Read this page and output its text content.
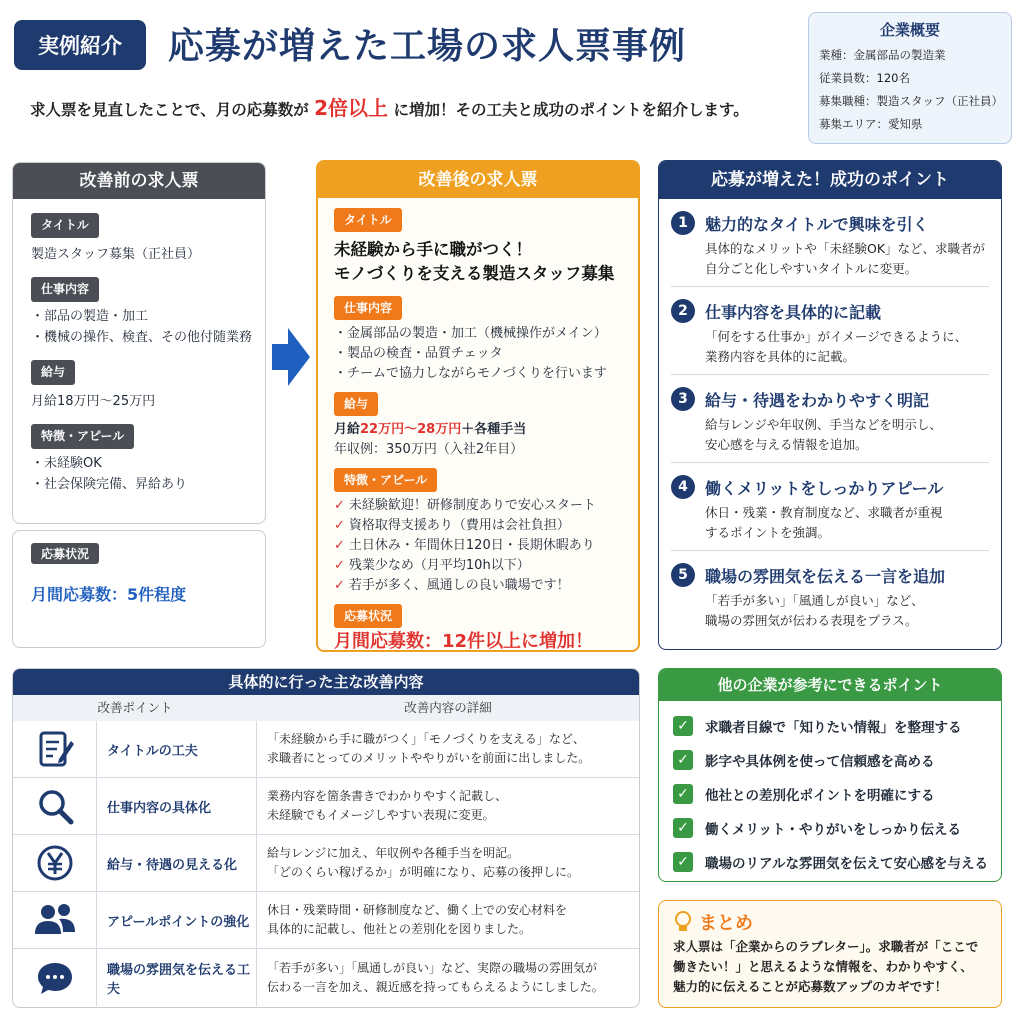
実例紹介	応募が増えた工場の求人票事例
求人票を見直したことで、月の応募数が 2倍以上 に増加！その工夫と成功のポイントを紹介します。
企業概要
業種：金属部品の製造業
従業員数：120名
募集職種：製造スタッフ（正社員）
募集エリア：愛知県
改善前の求人票
タイトル
製造スタッフ募集（正社員）
仕事内容
・部品の製造・加工
・機械の操作、検査、その他付随業務
給与
月給18万円〜25万円
特徴・アピール
・未経験OK
・社会保険完備、昇給あり
応募状況
月間応募数：5件程度
改善後の求人票
タイトル
未経験から手に職がつく！
モノづくりを支える製造スタッフ募集
仕事内容
・金属部品の製造・加工（機械操作がメイン）
・製品の検査・品質チェッタ
・チームで協力しながらモノづくりを行います
給与
月給22万円〜28万円＋各種手当
年収例：350万円（入社2年目）
特徴・アピール
✓ 未経験歓迎！研修制度ありで安心スタート
✓ 資格取得支援あり（費用は会社負担）
✓ 土日休み・年間休日120日・長期休暇あり
✓ 残業少なめ（月平均10h以下）
✓ 若手が多く、風通しの良い職場です！
応募状況
月間応募数：12件以上に増加！
応募が増えた！成功のポイント
1	魅力的なタイトルで興味を引く
具体的なメリットや「未経験OK」など、求職者が
自分ごと化しやすいタイトルに変更。
2	仕事内容を具体的に記載
「何をする仕事か」がイメージできるように、
業務内容を具体的に記載。
3	給与・待遇をわかりやすく明記
給与レンジや年収例、手当などを明示し、
安心感を与える情報を追加。
4	働くメリットをしっかりアピール
休日・残業・教育制度など、求職者が重視
するポイントを強調。
5	職場の雰囲気を伝える一言を追加
「若手が多い」「風通しが良い」など、
職場の雰囲気が伝わる表現をプラス。
具体的に行った主な改善内容
改善ポイント	改善内容の詳細
タイトルの工夫
「未経験から手に職がつく」「モノづくりを支える」など、
求職者にとってのメリットややりがいを前面に出しました。
仕事内容の具体化
業務内容を箇条書きでわかりやすく記載し、
未経験でもイメージしやすい表現に変更。
給与・待遇の見える化
給与レンジに加え、年収例や各種手当を明記。
「どのくらい稼げるか」が明確になり、応募の後押しに。
アピールポイントの強化
休日・残業時間・研修制度など、働く上での安心材料を
具体的に記載し、他社との差別化を図りました。
職場の雰囲気を伝える工夫
「若手が多い」「風通しが良い」など、実際の職場の雰囲気が
伝わる一言を加え、親近感を持ってもらえるようにしました。
他の企業が参考にできるポイント
✓	求職者目線で「知りたい情報」を整理する
✓	影字や具体例を使って信頼感を高める
✓	他社との差別化ポイントを明確にする
✓	働くメリット・やりがいをしっかり伝える
✓	職場のリアルな雰囲気を伝えて安心感を与える
まとめ
求人票は「企業からのラブレター」。求職者が「ここで
働きたい！」と思えるような情報を、わかりやすく、
魅力的に伝えることが応募数アップのカギです！
